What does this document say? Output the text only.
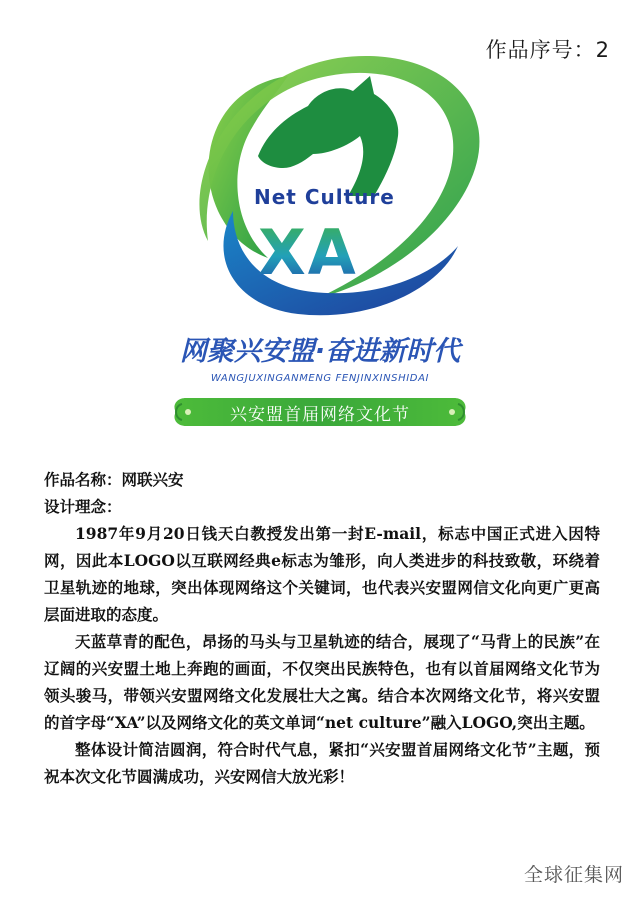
作品序号：2
Net Culture
XA
网聚兴安盟·奋进新时代
WANGJUXINGANMENG FENJINXINSHIDAI
兴安盟首届网络文化节
作品名称：网联兴安
设计理念：

1987年9月20日钱天白教授发出第一封E-mail，标志中国正式进入因特网，因此本LOGO以互联网经典e标志为雏形，向人类进步的科技致敬，环绕着卫星轨迹的地球，突出体现网络这个关键词，也代表兴安盟网信文化向更广更高层面进取的态度。

天蓝草青的配色，昂扬的马头与卫星轨迹的结合，展现了“马背上的民族”在辽阔的兴安盟土地上奔跑的画面，不仅突出民族特色，也有以首届网络文化节为领头骏马，带领兴安盟网络文化发展壮大之寓。结合本次网络文化节，将兴安盟的首字母“XA”以及网络文化的英文单词“net culture”融入LOGO,突出主题。

整体设计简洁圆润，符合时代气息，紧扣“兴安盟首届网络文化节”主题，预祝本次文化节圆满成功，兴安网信大放光彩！

全球征集网
